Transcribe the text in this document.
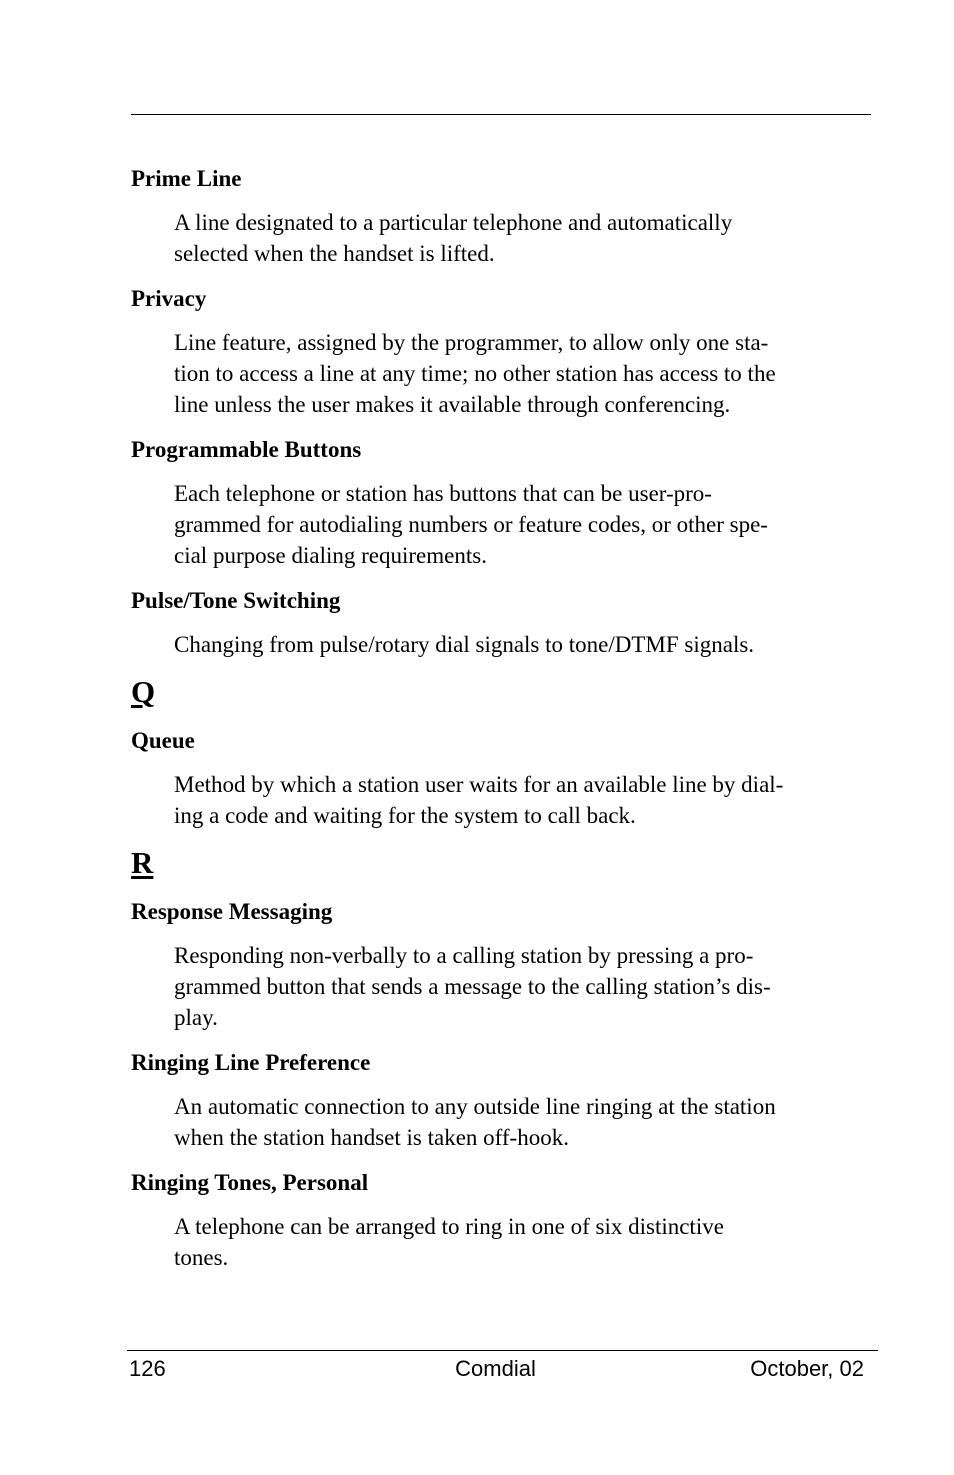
Prime Line

A line designated to a particular telephone and automatically
selected when the handset is lifted.

Privacy

Line feature, assigned by the programmer, to allow only one sta-
tion to access a line at any time; no other station has access to the
line unless the user makes it available through conferencing.

Programmable Buttons

Each telephone or station has buttons that can be user-pro-
grammed for autodialing numbers or feature codes, or other spe-
cial purpose dialing requirements.

Pulse/Tone Switching

Changing from pulse/rotary dial signals to tone/DTMF signals.

Q

Queue

Method by which a station user waits for an available line by dial-
ing a code and waiting for the system to call back.

R

Response Messaging

Responding non-verbally to a calling station by pressing a pro-
grammed button that sends a message to the calling station’s dis-
play.

Ringing Line Preference

An automatic connection to any outside line ringing at the station
when the station handset is taken off-hook.

Ringing Tones, Personal

A telephone can be arranged to ring in one of six distinctive
tones.
126	Comdial	October, 02
